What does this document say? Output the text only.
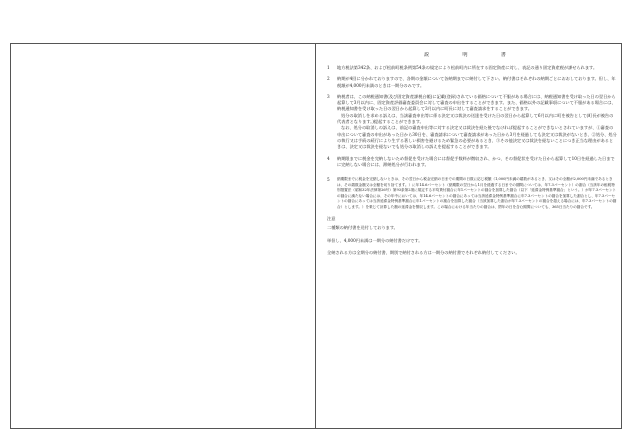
説　明　書
1	地方税法第342条、および松前町税条例第54条の規定により松前町内に所在する固定資産に対し、表記の通り固定資産税が課せられます。

2	納期が4回に分かれておりますので、各期の金額について各納期までに納付して下さい。納付書はそれぞれの納期ごとにおおしております。但し、年税額が4,000円未満のときは一期分のみです。

3	納税者は、この納税通知書(及び固定資産課税台帳)に記載(登録)されている価格について不服がある場合には、納税通知書を受け取った日の翌日から起算して3月以内に、固定資産評価審査委員会に対して審査の申出をすることができます。また、価格以外の記載事項について不服がある場合には、納税通知書を受け取った日の翌日から起算して3月以内に町長に対して審査請求をすることができます。

処分の取消しを求める訴えは、当該審査申出等に係る決定又は裁決の送達を受けた日の翌日から起算して6月以内に町を被告として(町長が被告の代表者となります。)提起することができます。

なお、処分の取消しの訴えは、前記の審査申出等に対する決定又は裁決を経た後でなければ提起することができないとされていますが、①審査の申出について審査の申出があった日から30日を、審査請求について審査請求があった日から3月を経過しても決定又は裁決がないとき、②処分、処分の執行又は手続の続行により生ずる著しい損害を避けるため緊急の必要があるとき、③その他決定又は裁決を経ないことにつき正当な理由があるときは、決定又は裁決を経ないでも処分の取消しの訴えを提起することができます。

4	納期限までに税金を完納しないため督促を受けた場合には督促手数料が徴収され、かつ、その督促状を受けた日から起算して10日を経過した日までに完納しない場合には、滞納処分が行われます。

5	納期限までに税金を完納しないときは、その翌日から税金完納の日までの期間の日数に応じ税額（1,000円未満の端数があるとき、又はその全額が2,000円未満であるときは、その端数金額又は全額を切り捨てます。）に年14.6パーセント（納期限の翌日から1月を経過する日までの期間については、年7.3パーセント）の割合（当該年の租税特別措置法（昭和32年法律第26号）第93条第2項に規定する平均貸付割合に年1パーセントの割合を加算した割合（以下「延滞金特例基準割合」という。）が年7.3パーセントの割合に満たない場合には、その年中においては、年14.6パーセントの割合にあっては当該延滞金特例基準割合に年7.3パーセントの割合を加算した割合とし、年7.3パーセントの割合にあっては当該延滞金特例基準割合に年1パーセントの割合を加算した割合（当該加算した割合が年7.3パーセントの割合を超える場合には、年7.3パーセントの割合）とします。）を乗じて計算した額の延滞金を徴収します。この場合における年当たりの割合は、閏年の日を含む期間についても、365日当たりの割合です。

注意
二種類の納付書を送付しております。
単但し、4,000円未満は一期分の納付書だけです。
全納される方は全期分の納付書、期別で納付される方は一期分の納付書でそれぞれ納付してください。
